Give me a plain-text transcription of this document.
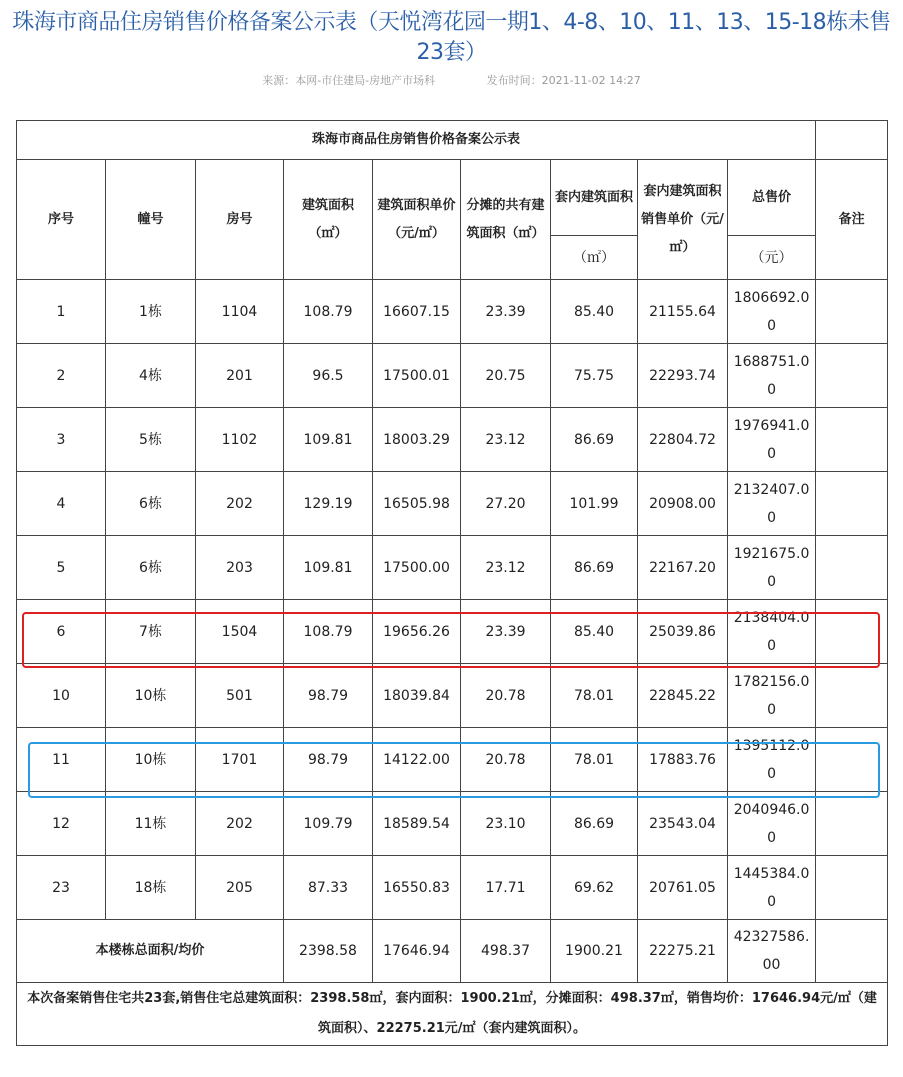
珠海市商品住房销售价格备案公示表（天悦湾花园一期1、4-8、10、11、13、15-18栋未售23套）
来源：本网-市住建局-房地产市场科	发布时间：2021-11-02 14:27
珠海市商品住房销售价格备案公示表									
序号	幢号	房号	建筑面积（㎡）	建筑面积单价（元/㎡）	分摊的共有建筑面积（㎡）	套内建筑面积	套内建筑面积销售单价（元/㎡）	总售价	备注
						（㎡）		（元）	
1	1栋	1104	108.79	16607.15	23.39	85.40	21155.64	1806692.00	
2	4栋	201	96.5	17500.01	20.75	75.75	22293.74	1688751.00	
3	5栋	1102	109.81	18003.29	23.12	86.69	22804.72	1976941.00	
4	6栋	202	129.19	16505.98	27.20	101.99	20908.00	2132407.00	
5	6栋	203	109.81	17500.00	23.12	86.69	22167.20	1921675.00	
6	7栋	1504	108.79	19656.26	23.39	85.40	25039.86	2138404.00	
10	10栋	501	98.79	18039.84	20.78	78.01	22845.22	1782156.00	
11	10栋	1701	98.79	14122.00	20.78	78.01	17883.76	1395112.00	
12	11栋	202	109.79	18589.54	23.10	86.69	23543.04	2040946.00	
23	18栋	205	87.33	16550.83	17.71	69.62	20761.05	1445384.00	
本楼栋总面积/均价			2398.58	17646.94	498.37	1900.21	22275.21	42327586.00	
本次备案销售住宅共23套,销售住宅总建筑面积：2398.58㎡，套内面积：1900.21㎡，分摊面积：498.37㎡，销售均价：17646.94元/㎡（建筑面积）、22275.21元/㎡（套内建筑面积）。									
